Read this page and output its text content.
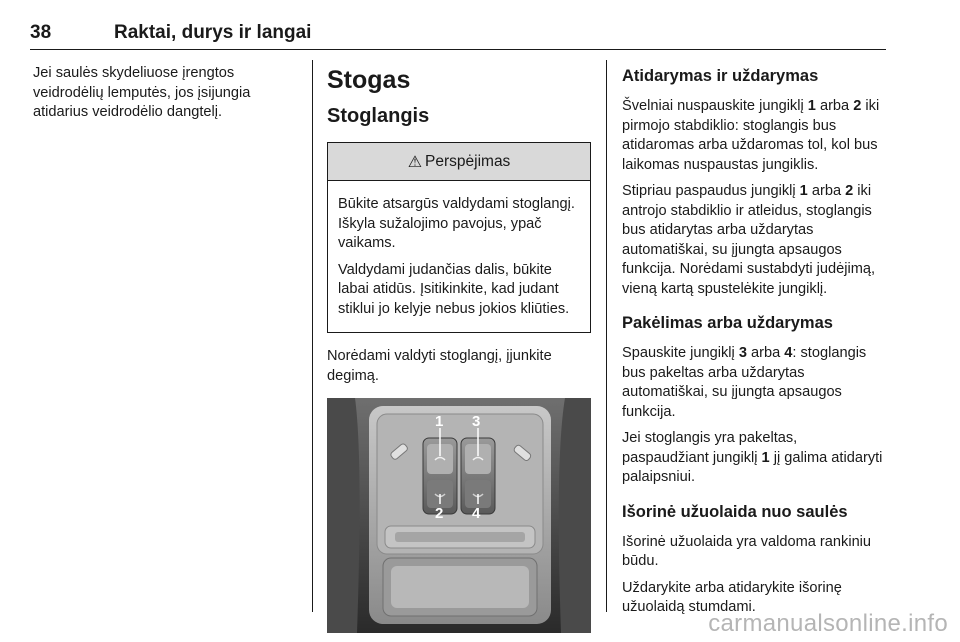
38	Raktai, durys ir langai

Jei saulės skydeliuose įrengtos veidrodėlių lemputės, jos įsijungia atidarius veidrodėlio dangtelį.

Stogas
Stoglangis
⚠ Perspėjimas

Būkite atsargūs valdydami stoglangį. Iškyla sužalojimo pavojus, ypač vaikams.

Valdydami judančias dalis, būkite labai atidūs. Įsitikinkite, kad judant stiklui jo kelyje nebus jokios kliūties.

Norėdami valdyti stoglangį, įjunkite degimą.

1 3
2 4
Atidarymas ir uždarymas

Švelniai nuspauskite jungiklį 1 arba 2 iki pirmojo stabdiklio: stoglangis bus atidaromas arba uždaromas tol, kol bus laikomas nuspaustas jungiklis.

Stipriau paspaudus jungiklį 1 arba 2 iki antrojo stabdiklio ir atleidus, stoglangis bus atidarytas arba uždarytas automatiškai, su įjungta apsaugos funkcija. Norėdami sustabdyti judėjimą, vieną kartą spustelėkite jungiklį.

Pakėlimas arba uždarymas

Spauskite jungiklį 3 arba 4: stoglangis bus pakeltas arba uždarytas automatiškai, su įjungta apsaugos funkcija.

Jei stoglangis yra pakeltas, paspaudžiant jungiklį 1 jį galima atidaryti palaipsniui.

Išorinė užuolaida nuo saulės

Išorinė užuolaida yra valdoma rankiniu būdu.

Uždarykite arba atidarykite išorinę užuolaidą stumdami.

carmanualsonline.info
